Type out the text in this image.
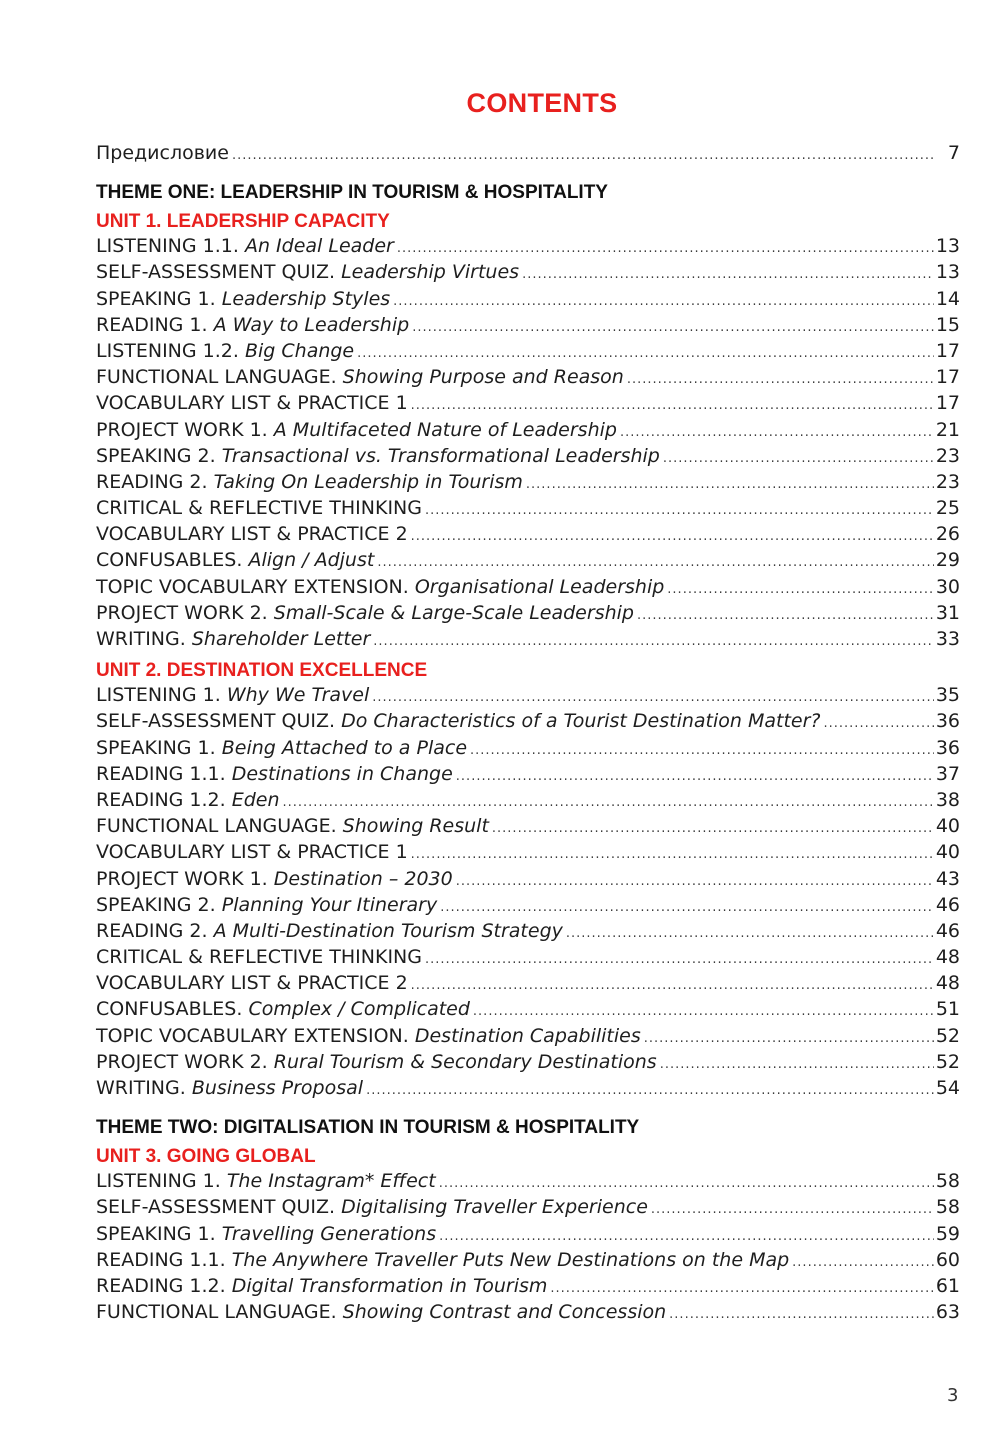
CONTENTS
Предисловие .....	7
THEME ONE: LEADERSHIP IN TOURISM & HOSPITALITY
UNIT 1. LEADERSHIP CAPACITY
LISTENING 1.1. An Ideal Leader .....	13
SELF-ASSESSMENT QUIZ. Leadership Virtues .....	13
SPEAKING 1. Leadership Styles .....	14
READING 1. A Way to Leadership .....	15
LISTENING 1.2. Big Change .....	17
FUNCTIONAL LANGUAGE. Showing Purpose and Reason .....	17
VOCABULARY LIST & PRACTICE 1 .....	17
PROJECT WORK 1. A Multifaceted Nature of Leadership .....	21
SPEAKING 2. Transactional vs. Transformational Leadership .....	23
READING 2. Taking On Leadership in Tourism .....	23
CRITICAL & REFLECTIVE THINKING .....	25
VOCABULARY LIST & PRACTICE 2 .....	26
CONFUSABLES. Align / Adjust .....	29
TOPIC VOCABULARY EXTENSION. Organisational Leadership .....	30
PROJECT WORK 2. Small-Scale & Large-Scale Leadership .....	31
WRITING. Shareholder Letter .....	33
UNIT 2. DESTINATION EXCELLENCE
LISTENING 1. Why We Travel .....	35
SELF-ASSESSMENT QUIZ. Do Characteristics of a Tourist Destination Matter? .....	36
SPEAKING 1. Being Attached to a Place .....	36
READING 1.1. Destinations in Change .....	37
READING 1.2. Eden .....	38
FUNCTIONAL LANGUAGE. Showing Result .....	40
VOCABULARY LIST & PRACTICE 1 .....	40
PROJECT WORK 1. Destination – 2030 .....	43
SPEAKING 2. Planning Your Itinerary .....	46
READING 2. A Multi-Destination Tourism Strategy .....	46
CRITICAL & REFLECTIVE THINKING .....	48
VOCABULARY LIST & PRACTICE 2 .....	48
CONFUSABLES. Complex / Complicated .....	51
TOPIC VOCABULARY EXTENSION. Destination Capabilities .....	52
PROJECT WORK 2. Rural Tourism & Secondary Destinations .....	52
WRITING. Business Proposal .....	54
THEME TWO: DIGITALISATION IN TOURISM & HOSPITALITY
UNIT 3. GOING GLOBAL
LISTENING 1. The Instagram* Effect .....	58
SELF-ASSESSMENT QUIZ. Digitalising Traveller Experience .....	58
SPEAKING 1. Travelling Generations .....	59
READING 1.1. The Anywhere Traveller Puts New Destinations on the Map .....	60
READING 1.2. Digital Transformation in Tourism .....	61
FUNCTIONAL LANGUAGE. Showing Contrast and Concession .....	63
3
